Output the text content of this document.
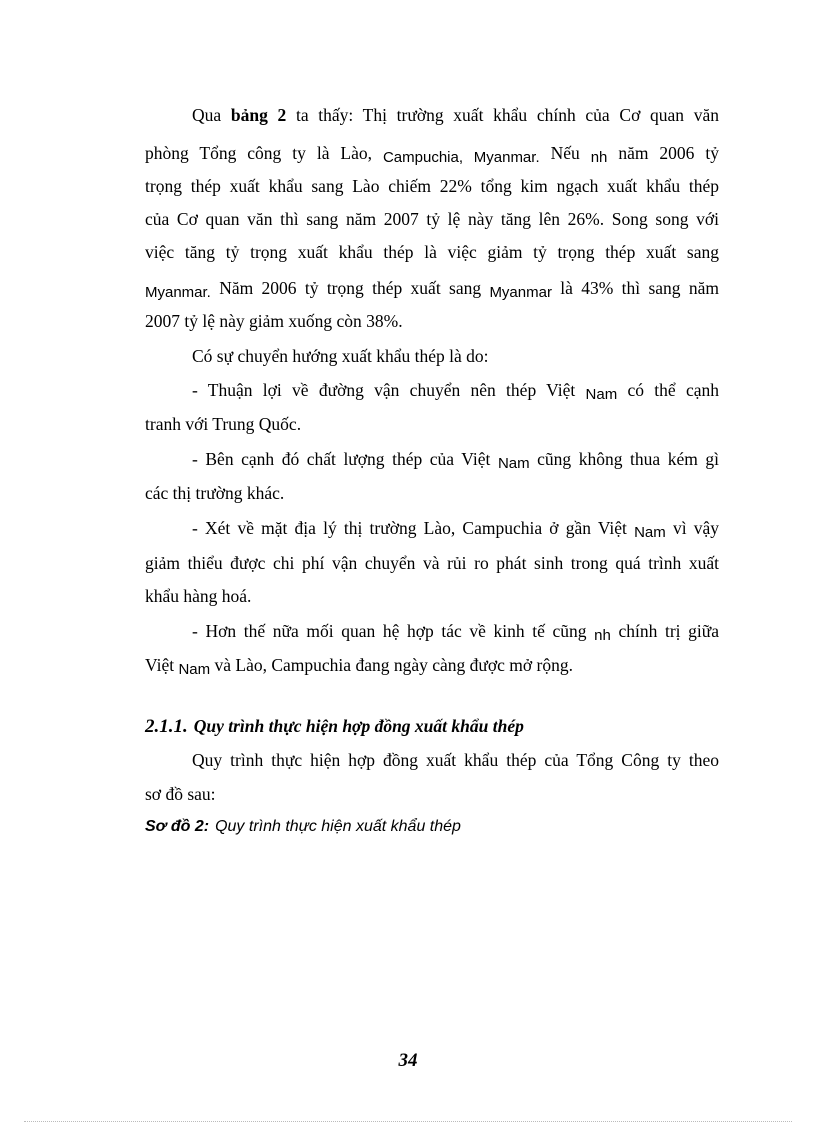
Qua bảng 2 ta thấy: Thị trường xuất khẩu chính của Cơ quan văn
phòng Tổng công ty là Lào, Campuchia, Myanmar. Nếu nh năm 2006 tỷ
trọng thép xuất khẩu sang Lào chiếm 22% tổng kim ngạch xuất khẩu thép
của Cơ quan văn thì sang năm 2007 tỷ lệ này tăng lên 26%. Song song với
việc tăng tỷ trọng xuất khẩu thép là việc giảm tỷ trọng thép xuất sang
Myanmar. Năm 2006 tỷ trọng thép xuất sang Myanmar là 43% thì sang năm
2007 tỷ lệ này giảm xuống còn 38%.
Có sự chuyển hướng xuất khẩu thép là do:
- Thuận lợi về đường vận chuyển nên thép Việt Nam có thể cạnh
tranh với Trung Quốc.
- Bên cạnh đó chất lượng thép của Việt Nam cũng không thua kém gì
các thị trường khác.
- Xét về mặt địa lý thị trường Lào, Campuchia ở gần Việt Nam vì vậy
giảm thiểu được chi phí vận chuyển và rủi ro phát sinh trong quá trình xuất
khẩu hàng hoá.
- Hơn thế nữa mối quan hệ hợp tác về kinh tế cũng nh chính trị giữa
Việt Nam và Lào, Campuchia đang ngày càng được mở rộng.
2.1.1. Quy trình thực hiện hợp đồng xuất khẩu thép
Quy trình thực hiện hợp đồng xuất khẩu thép của Tổng Công ty theo
sơ đồ sau:
Sơ đồ 2: Quy trình thực hiện xuất khẩu thép
34
